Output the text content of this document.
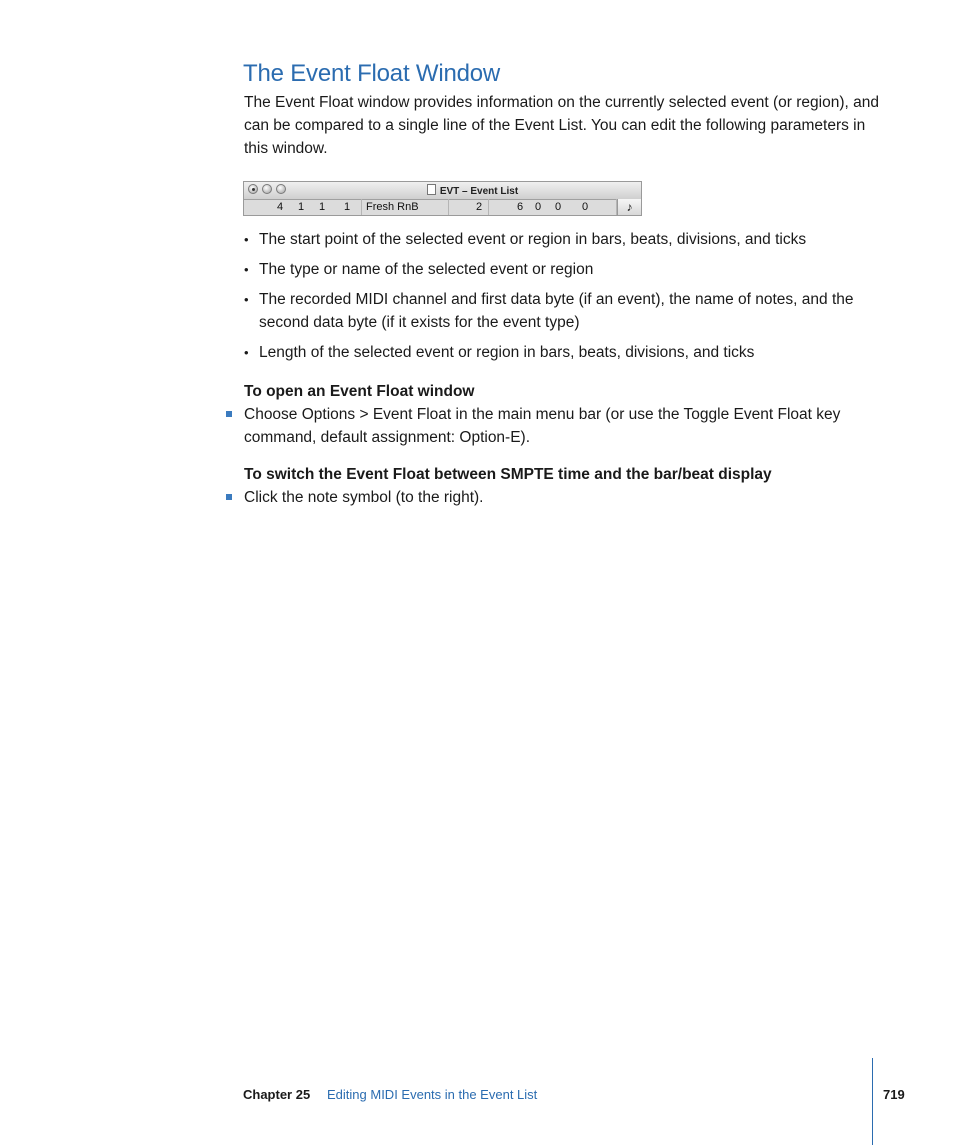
The Event Float Window

The Event Float window provides information on the currently selected event (or region), and can be compared to a single line of the Event List. You can edit the following parameters in this window.

EVT – Event List
4 1 1 1 Fresh RnB	2	6 0 0 0	♪
• The start point of the selected event or region in bars, beats, divisions, and ticks
• The type or name of the selected event or region
• The recorded MIDI channel and first data byte (if an event), the name of notes, and the second data byte (if it exists for the event type)
• Length of the selected event or region in bars, beats, divisions, and ticks

To open an Event Float window

Choose Options > Event Float in the main menu bar (or use the Toggle Event Float key command, default assignment: Option-E).

To switch the Event Float between SMPTE time and the bar/beat display

Click the note symbol (to the right).

Chapter 25 Editing MIDI Events in the Event List	719
